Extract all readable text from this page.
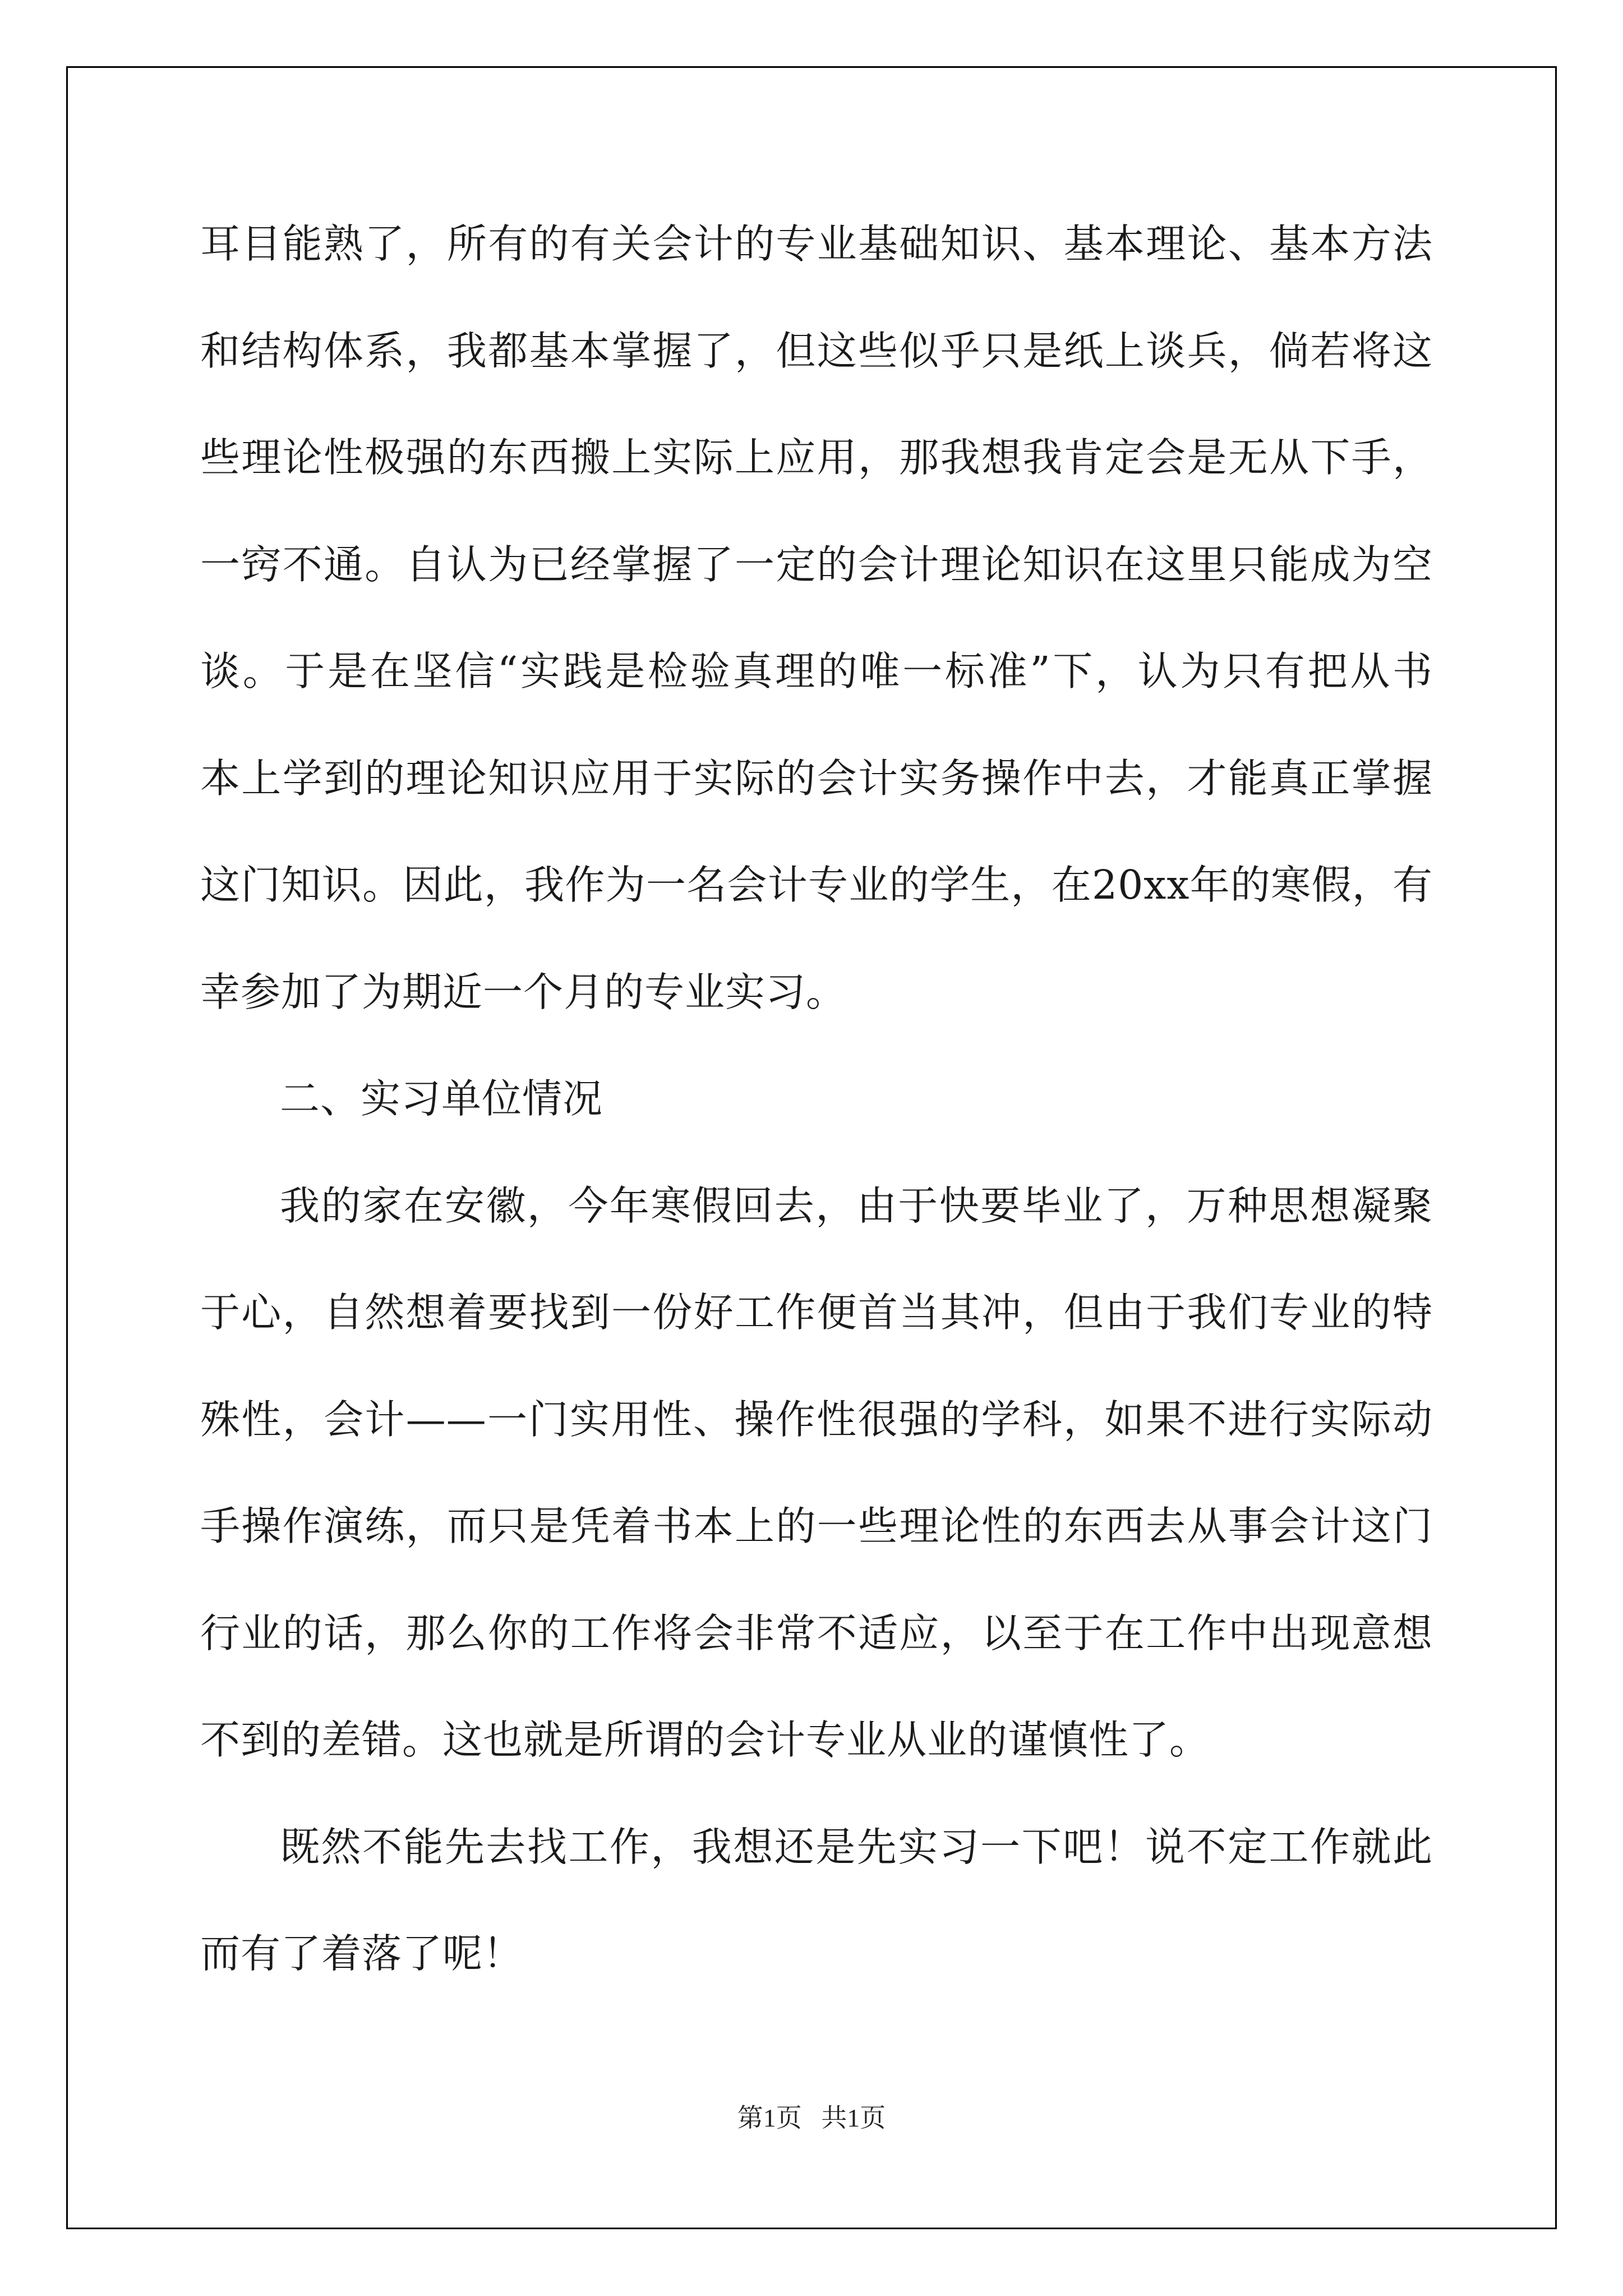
耳目能熟了，所有的有关会计的专业基础知识、基本理论、基本方法
和结构体系，我都基本掌握了，但这些似乎只是纸上谈兵，倘若将这
些理论性极强的东西搬上实际上应用，那我想我肯定会是无从下手，
一窍不通。自认为已经掌握了一定的会计理论知识在这里只能成为空
谈。于是在坚信“实践是检验真理的唯一标准”下，认为只有把从书
本上学到的理论知识应用于实际的会计实务操作中去，才能真正掌握
这门知识。因此，我作为一名会计专业的学生，在20xx年的寒假，有
幸参加了为期近一个月的专业实习。
二、实习单位情况
我的家在安徽，今年寒假回去，由于快要毕业了，万种思想凝聚
于心，自然想着要找到一份好工作便首当其冲，但由于我们专业的特
殊性，会计——一门实用性、操作性很强的学科，如果不进行实际动
手操作演练，而只是凭着书本上的一些理论性的东西去从事会计这门
行业的话，那么你的工作将会非常不适应，以至于在工作中出现意想
不到的差错。这也就是所谓的会计专业从业的谨慎性了。
既然不能先去找工作，我想还是先实习一下吧！说不定工作就此
而有了着落了呢！
第1页   共1页
